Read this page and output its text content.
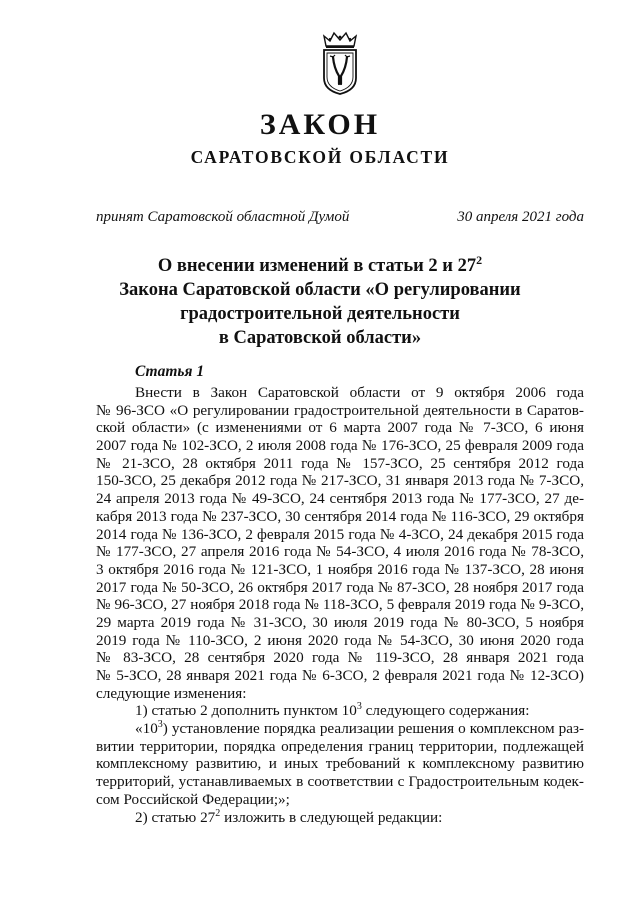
ЗАКОН
САРАТОВСКОЙ ОБЛАСТИ
принят Саратовской областной Думой	30 апреля 2021 года
О внесении изменений в статьи 2 и $27^2$
Закона Саратовской области «О регулировании
градостроительной деятельности
в Саратовской области»
Статья 1
Внести в Закон Саратовской области от 9 октября 2006 года
№ 96-ЗСО «О регулировании градостроительной деятельности в Саратов-
ской области» (с изменениями от 6 марта 2007 года № 7-ЗСО, 6 июня
2007 года № 102-ЗСО, 2 июля 2008 года № 176-ЗСО, 25 февраля 2009 года
№ 21-ЗСО, 28 октября 2011 года № 157-ЗСО, 25 сентября 2012 года
150-ЗСО, 25 декабря 2012 года № 217-ЗСО, 31 января 2013 года № 7-ЗСО,
24 апреля 2013 года № 49-ЗСО, 24 сентября 2013 года № 177-ЗСО, 27 де-
кабря 2013 года № 237-ЗСО, 30 сентября 2014 года № 116-ЗСО, 29 октября
2014 года № 136-ЗСО, 2 февраля 2015 года № 4-ЗСО, 24 декабря 2015 года
№ 177-ЗСО, 27 апреля 2016 года № 54-ЗСО, 4 июля 2016 года № 78-ЗСО,
3 октября 2016 года № 121-ЗСО, 1 ноября 2016 года № 137-ЗСО, 28 июня
2017 года № 50-ЗСО, 26 октября 2017 года № 87-ЗСО, 28 ноября 2017 года
№ 96-ЗСО, 27 ноября 2018 года № 118-ЗСО, 5 февраля 2019 года № 9-ЗСО,
29 марта 2019 года № 31-ЗСО, 30 июля 2019 года № 80-ЗСО, 5 ноября
2019 года № 110-ЗСО, 2 июня 2020 года № 54-ЗСО, 30 июня 2020 года
№ 83-ЗСО, 28 сентября 2020 года № 119-ЗСО, 28 января 2021 года
№ 5-ЗСО, 28 января 2021 года № 6-ЗСО, 2 февраля 2021 года № 12-ЗСО)
следующие изменения:
1) статью 2 дополнить пунктом $10^3$ следующего содержания:
«$10^3$) установление порядка реализации решения о комплексном раз-
витии территории, порядка определения границ территории, подлежащей
комплексному развитию, и иных требований к комплексному развитию
территорий, устанавливаемых в соответствии с Градостроительным кодек-
сом Российской Федерации;»;
2) статью $27^2$ изложить в следующей редакции:
